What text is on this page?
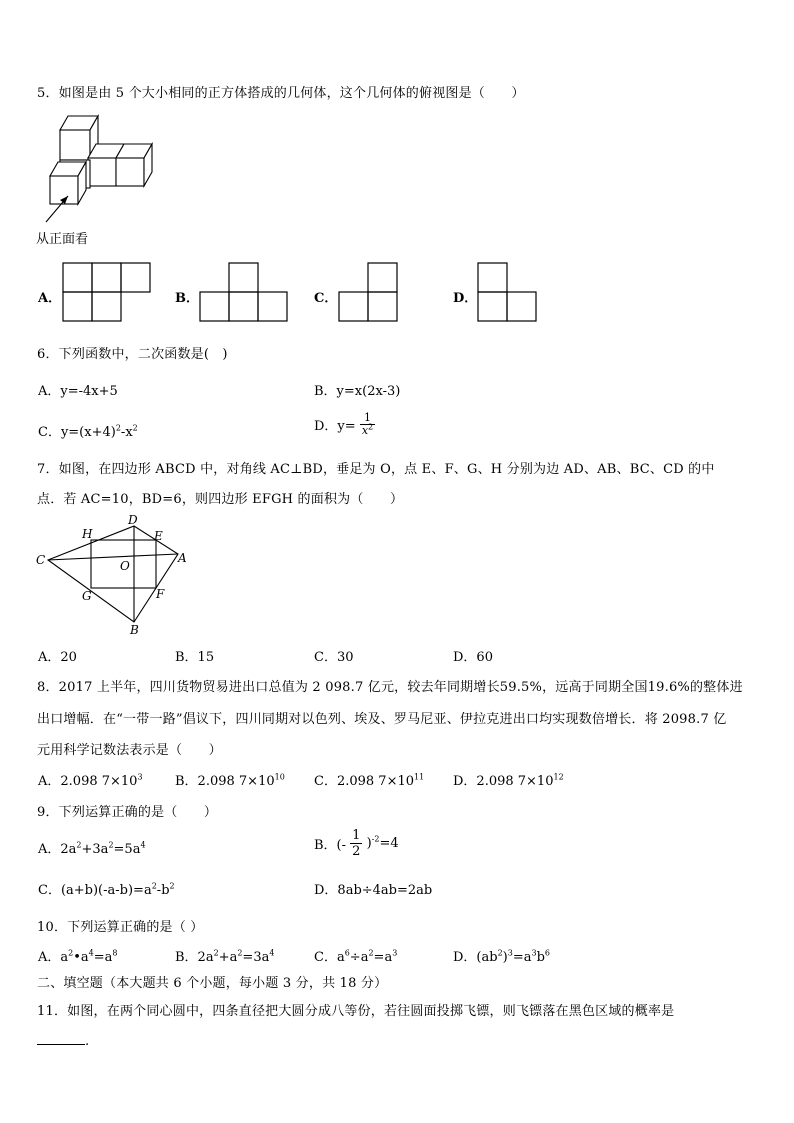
5．如图是由 5 个大小相同的正方体搭成的几何体，这个几何体的俯视图是（　　）
从正面看
A．	B．	C．	D．
6．下列函数中，二次函数是(　)
A．y=-4x+5	B．y=x(2x-3)
C．$y=(x+4)^2-x^2$	D．$y= \frac{1}{x^2}$
7．如图，在四边形 ABCD 中，对角线 AC⊥BD，垂足为 O，点 E、F、G、H 分别为边 AD、AB、BC、CD 的中
点．若 AC=10，BD=6，则四边形 EFGH 的面积为（　　）
C
H
D
E
A
O
G	F
B
A．20	B．15	C．30	D．60
8．2017 上半年，四川货物贸易进出口总值为 2 098.7 亿元，较去年同期增长59.5%，远高于同期全国19.6%的整体进
出口增幅．在“一带一路”倡议下，四川同期对以色列、埃及、罗马尼亚、伊拉克进出口均实现数倍增长．将 2098.7 亿
元用科学记数法表示是（　　）
A．2.098 $7\times 10^3$ B．2.098 $7\times 10^{10}$ C．2.098 $7\times 10^{11}$ D．2.098 $7\times 10^{12}$
9．下列运算正确的是（　　）
A．$2a^2+3a^2=5a^4$	B．(- $\frac{1}{2} )^{-2}=4$
C．$(a+b)(-a-b)=a^2-b^2$	D．8ab÷4ab=2ab
10．下列运算正确的是（ ）
A．$a^2•a^4=a^8$	B．$2a^2+a^2=3a^4$	C．$a^6\div a^2=a^3$	D．$(ab^2)^3=a^3b^6$
二、填空题（本大题共 6 个小题，每小题 3 分，共 18 分）
11．如图，在两个同心圆中，四条直径把大圆分成八等份，若往圆面投掷飞镖，则飞镖落在黑色区域的概率是
.
